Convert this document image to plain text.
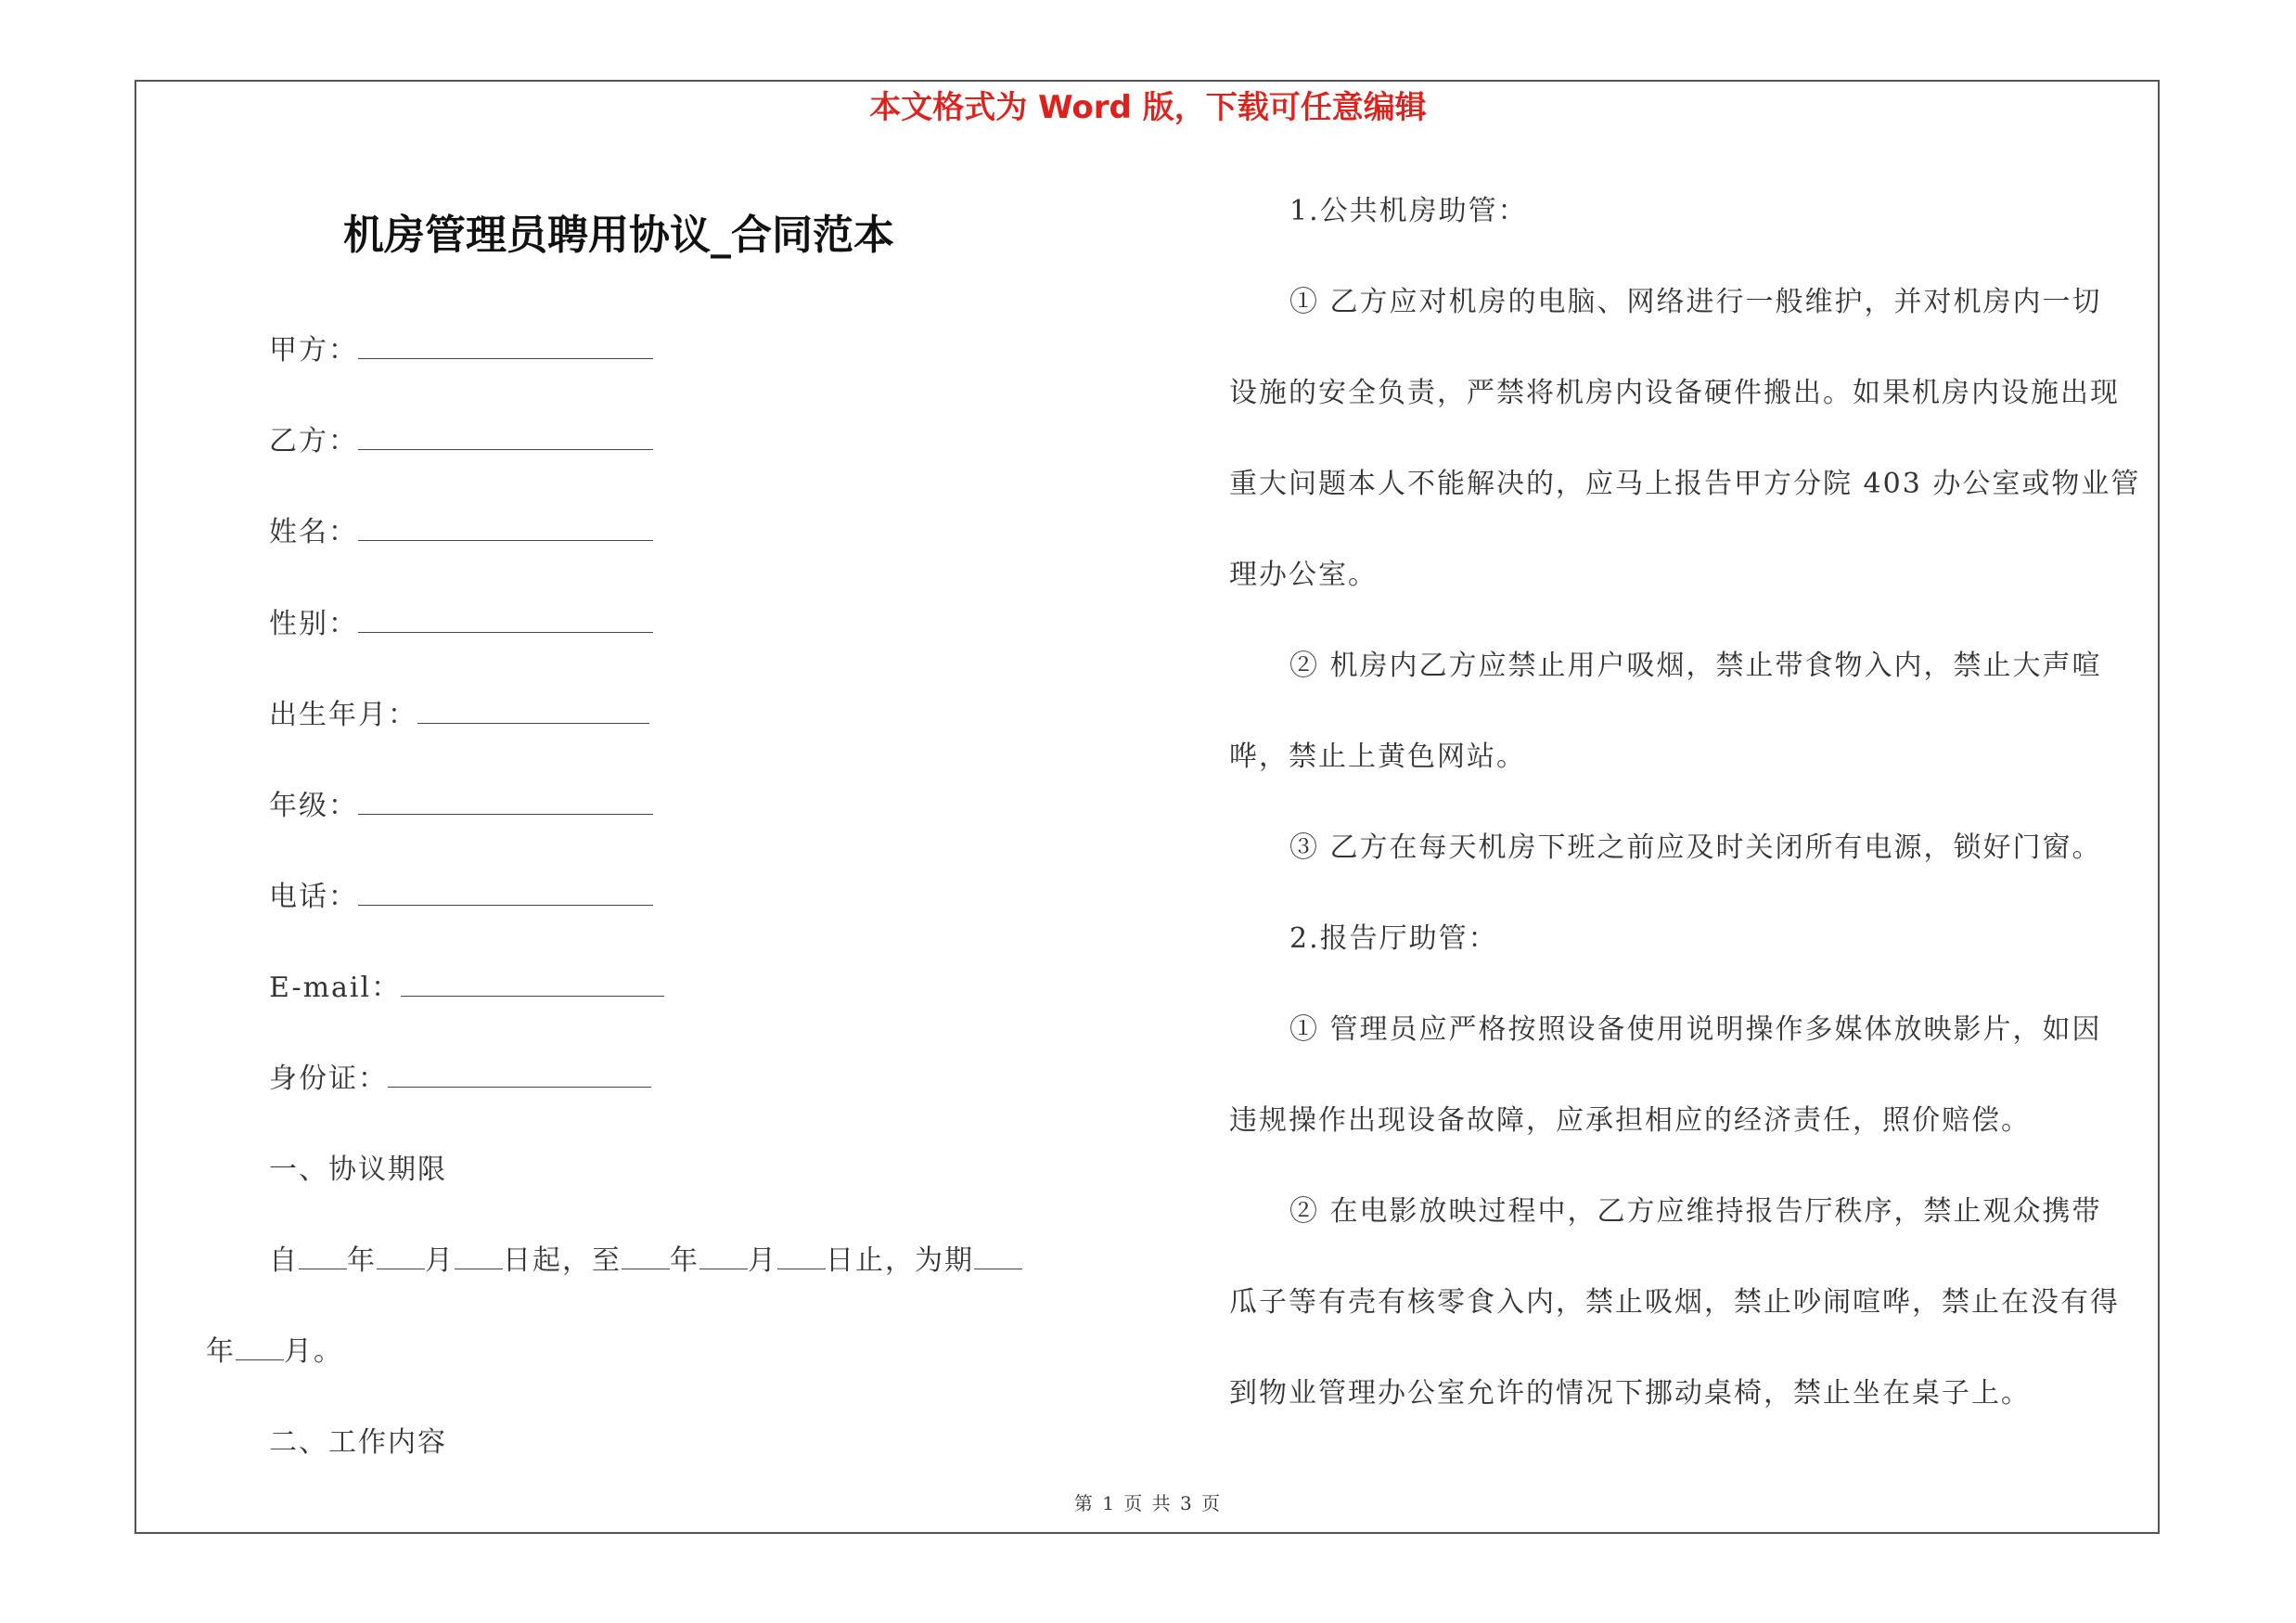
本文格式为 Word 版，下载可任意编辑
机房管理员聘用协议_合同范本
甲方：
乙方：
姓名：
性别：
出生年月：
年级：
电话：
E-mail：
身份证：
一、协议期限
自 年 月 日起，至 年 月 日止，为期
年 月。
二、工作内容
1.公共机房助管：
① 乙方应对机房的电脑、网络进行一般维护，并对机房内一切
设施的安全负责，严禁将机房内设备硬件搬出。如果机房内设施出现
重大问题本人不能解决的，应马上报告甲方分院 403 办公室或物业管
理办公室。
② 机房内乙方应禁止用户吸烟，禁止带食物入内，禁止大声喧
哗，禁止上黄色网站。
③ 乙方在每天机房下班之前应及时关闭所有电源，锁好门窗。
2.报告厅助管：
① 管理员应严格按照设备使用说明操作多媒体放映影片，如因
违规操作出现设备故障，应承担相应的经济责任，照价赔偿。
② 在电影放映过程中，乙方应维持报告厅秩序，禁止观众携带
瓜子等有壳有核零食入内，禁止吸烟，禁止吵闹喧哗，禁止在没有得
到物业管理办公室允许的情况下挪动桌椅，禁止坐在桌子上。
第 1 页 共 3 页
